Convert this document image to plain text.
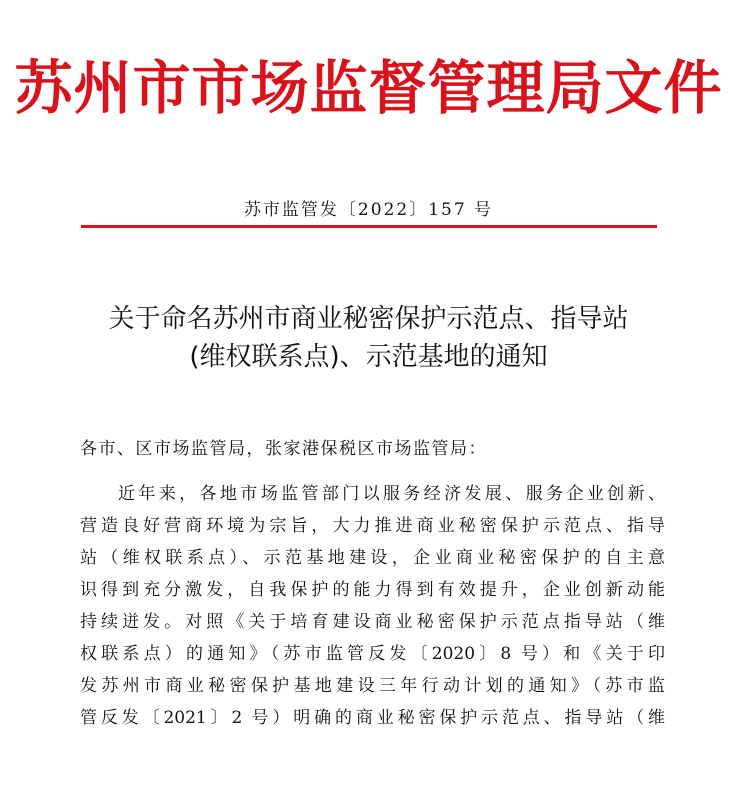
苏州市市场监督管理局文件
苏市监管发〔2022〕157 号
关于命名苏州市商业秘密保护示范点、指导站
(维权联系点)、示范基地的通知
各市、区市场监管局，张家港保税区市场监管局：
近年来，各地市场监管部门以服务经济发展、服务企业创新、
营造良好营商环境为宗旨，大力推进商业秘密保护示范点、指导
站（维权联系点）、示范基地建设，企业商业秘密保护的自主意
识得到充分激发，自我保护的能力得到有效提升，企业创新动能
持续迸发。对照《关于培育建设商业秘密保护示范点指导站（维
权联系点）的通知》（苏市监管反发〔2020〕8 号）和《关于印
发苏州市商业秘密保护基地建设三年行动计划的通知》（苏市监
管反发〔2021〕2 号）明确的商业秘密保护示范点、指导站（维
